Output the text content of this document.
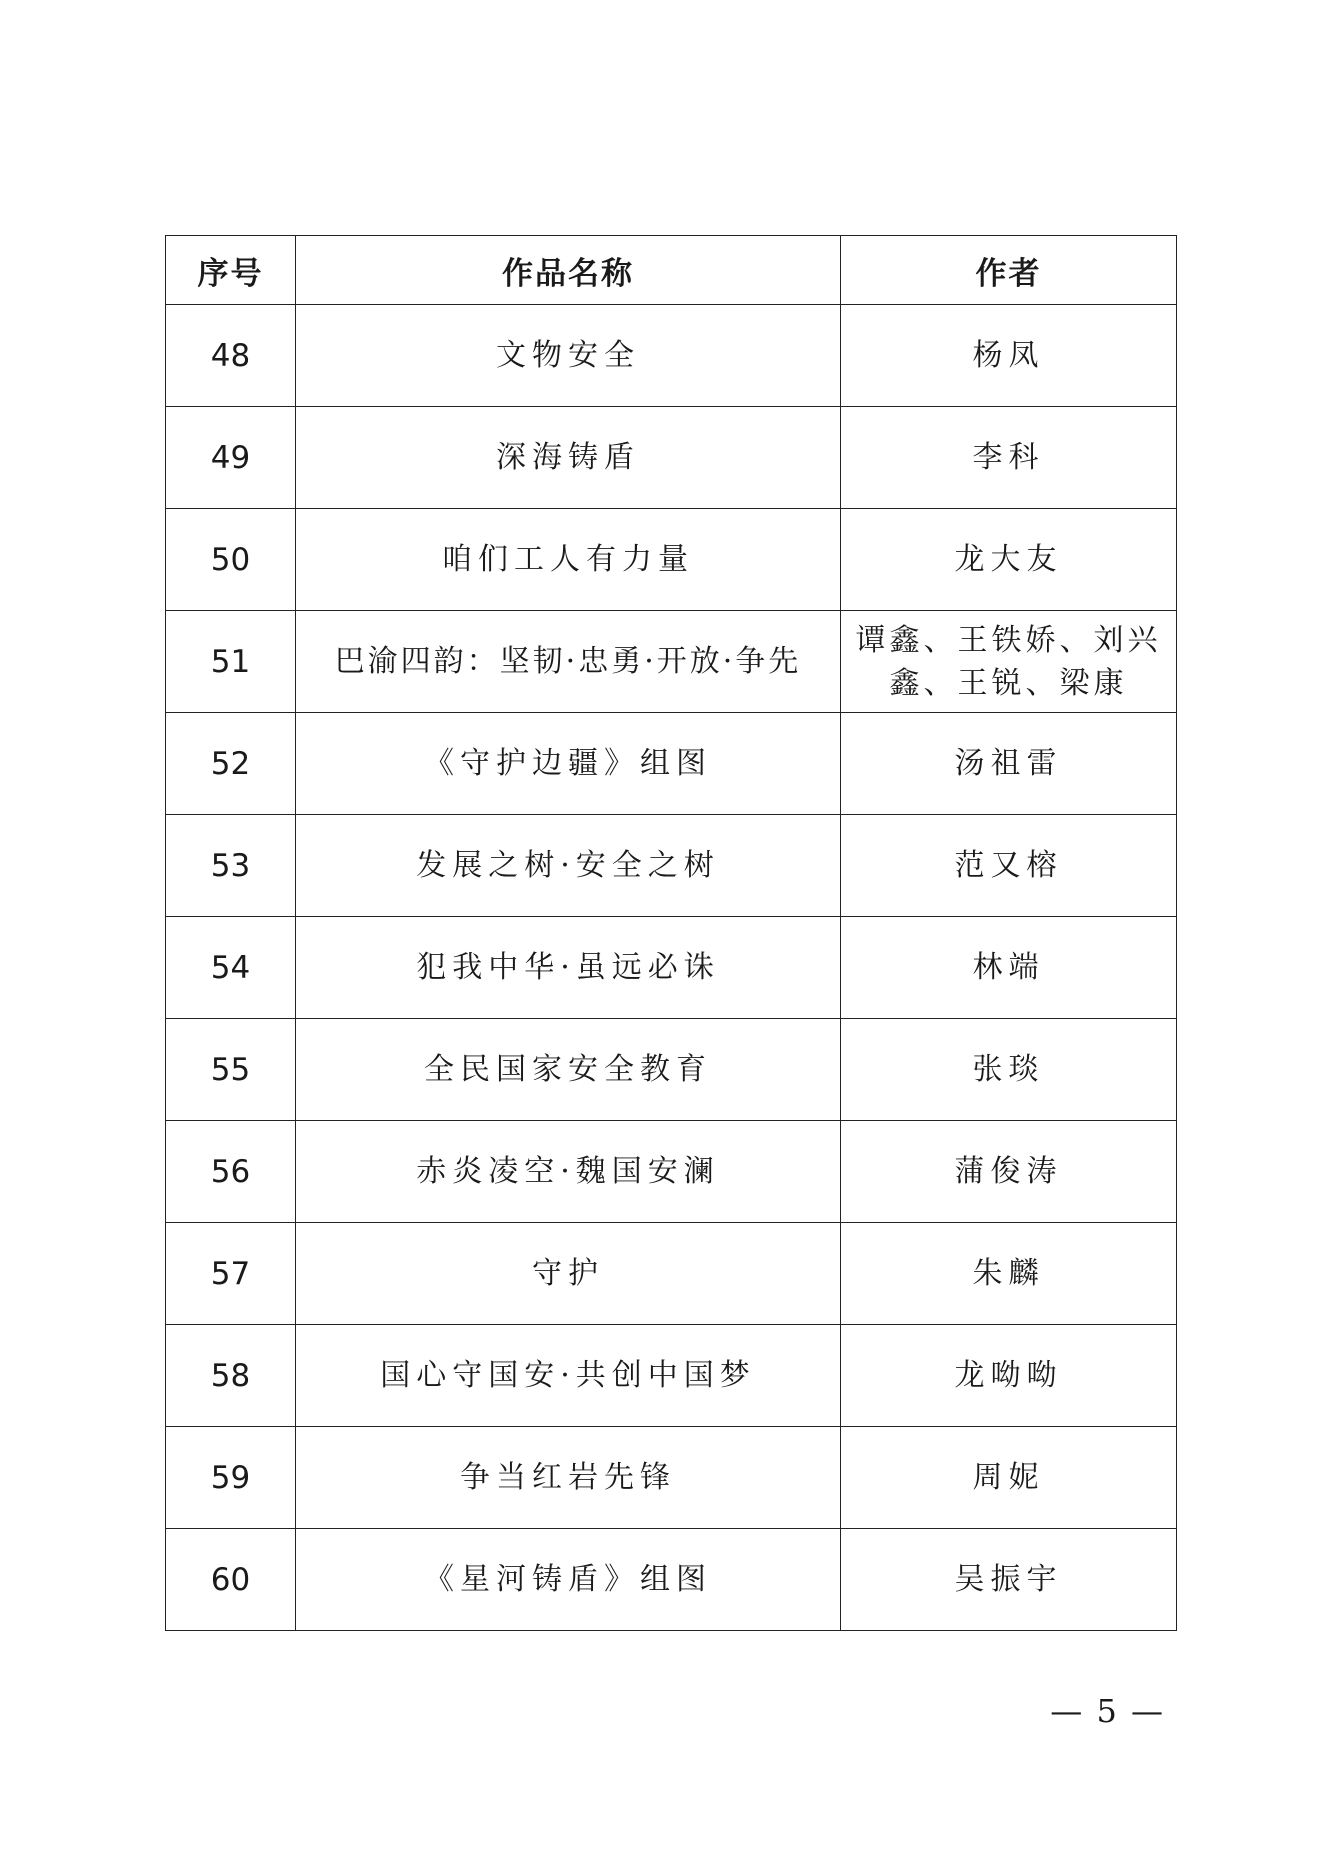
序号	作品名称	作者
48	文物安全	杨凤
49	深海铸盾	李科
50	咱们工人有力量	龙大友
51	巴渝四韵：坚韧·忠勇·开放·争先	谭鑫、王铁娇、刘兴鑫、王锐、梁康
52	《守护边疆》组图	汤祖雷
53	发展之树·安全之树	范又榕
54	犯我中华·虽远必诛	林端
55	全民国家安全教育	张琰
56	赤炎凌空·魏国安澜	蒲俊涛
57	守护	朱麟
58	国心守国安·共创中国梦	龙呦呦
59	争当红岩先锋	周妮
60	《星河铸盾》组图	吴振宇
— 5 —
